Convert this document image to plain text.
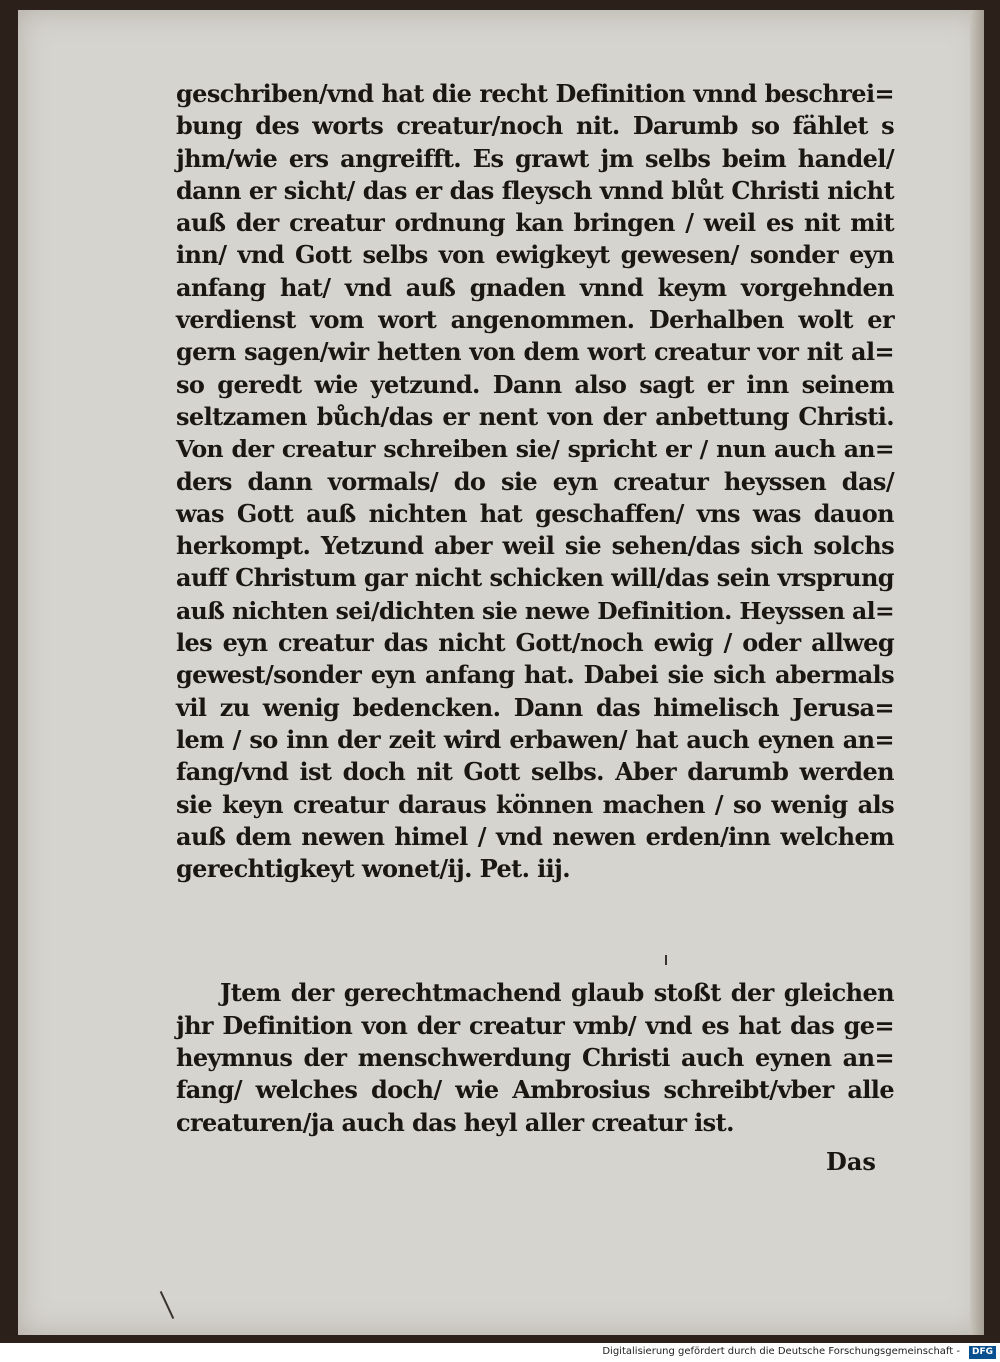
geschriben/vnd hat die recht Definition vnnd beschrei=
bung des worts creatur/noch nit. Darumb so fählet s
jhm/wie ers angreifft. Es grawt jm selbs beim handel/
dann er sicht/ das er das fleysch vnnd blůt Christi nicht
auß der creatur ordnung kan bringen / weil es nit mit
inn/ vnd Gott selbs von ewigkeyt gewesen/ sonder eyn
anfang hat/ vnd auß gnaden vnnd keym vorgehnden
verdienst vom wort angenommen. Derhalben wolt er
gern sagen/wir hetten von dem wort creatur vor nit al=
so geredt wie yetzund. Dann also sagt er inn seinem
seltzamen bůch/das er nent von der anbettung Christi.
Von der creatur schreiben sie/ spricht er / nun auch an=
ders dann vormals/ do sie eyn creatur heyssen das/
was Gott auß nichten hat geschaffen/ vns was dauon
herkompt. Yetzund aber weil sie sehen/das sich solchs
auff Christum gar nicht schicken will/das sein vrsprung
auß nichten sei/dichten sie newe Definition. Heyssen al=
les eyn creatur das nicht Gott/noch ewig / oder allweg
gewest/sonder eyn anfang hat. Dabei sie sich abermals
vil zu wenig bedencken. Dann das himelisch Jerusa=
lem / so inn der zeit wird erbawen/ hat auch eynen an=
fang/vnd ist doch nit Gott selbs. Aber darumb werden
sie keyn creatur daraus können machen / so wenig als
auß dem newen himel / vnd newen erden/inn welchem
gerechtigkeyt wonet/ij. Pet. iij.
Jtem der gerechtmachend glaub stoßt der gleichen
jhr Definition von der creatur vmb/ vnd es hat das ge=
heymnus der menschwerdung Christi auch eynen an=
fang/ welches doch/ wie Ambrosius schreibt/vber alle
creaturen/ja auch das heyl aller creatur ist.
Das
Digitalisierung gefördert durch die Deutsche Forschungsgemeinschaft -	DFG
